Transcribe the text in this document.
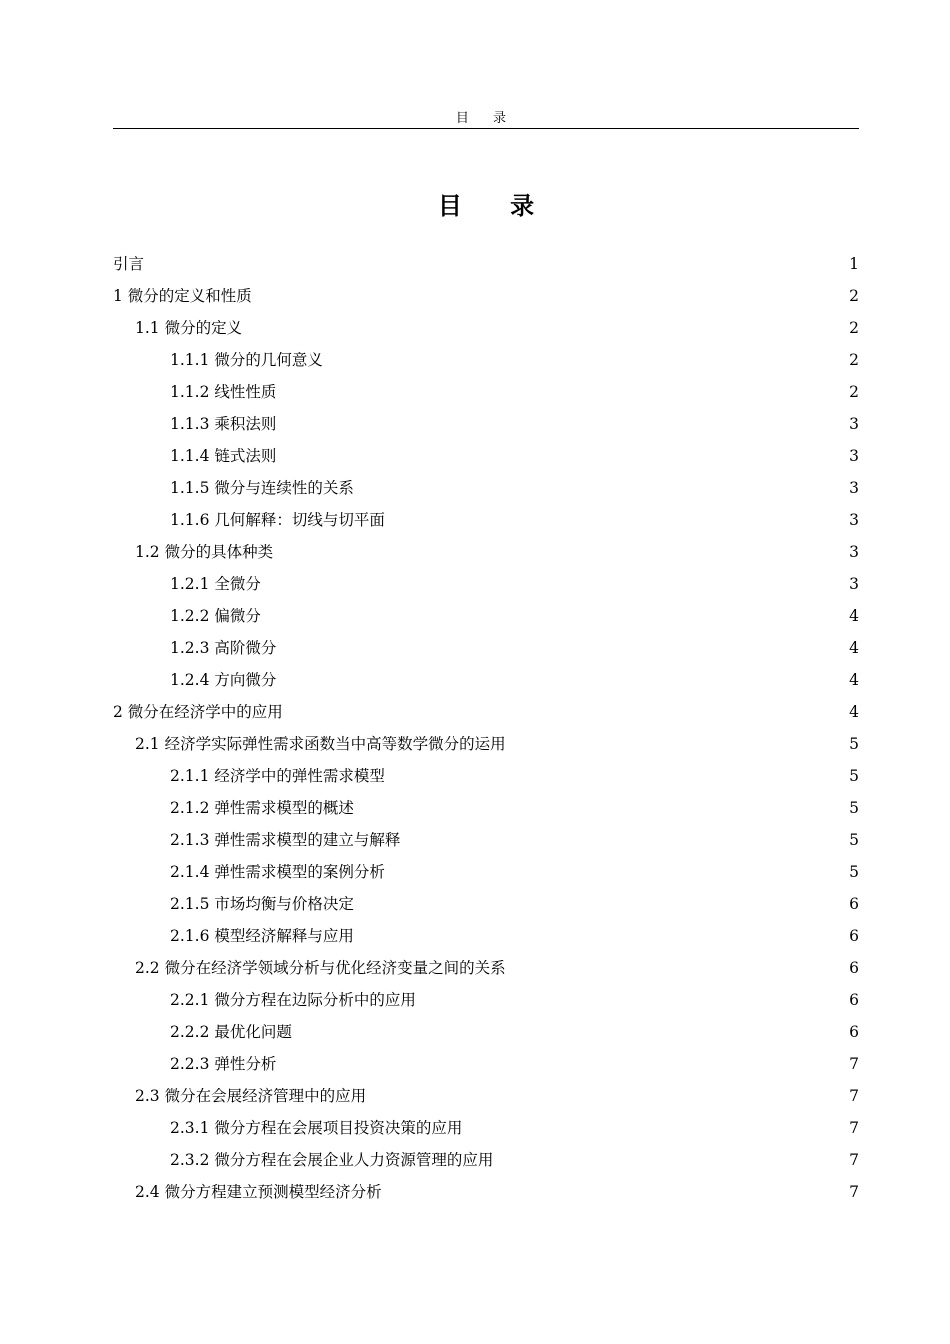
目 录
目 录
引言 .....	1
1 微分的定义和性质 .....	2
1.1 微分的定义 .....	2
1.1.1 微分的几何意义 .....	2
1.1.2 线性性质 .....	2
1.1.3 乘积法则 .....	3
1.1.4 链式法则 .....	3
1.1.5 微分与连续性的关系 .....	3
1.1.6 几何解释：切线与切平面 .....	3
1.2 微分的具体种类 .....	3
1.2.1 全微分 .....	3
1.2.2 偏微分 .....	4
1.2.3 高阶微分 .....	4
1.2.4 方向微分 .....	4
2 微分在经济学中的应用 .....	4
2.1 经济学实际弹性需求函数当中高等数学微分的运用 .....	5
2.1.1 经济学中的弹性需求模型 .....	5
2.1.2 弹性需求模型的概述 .....	5
2.1.3 弹性需求模型的建立与解释 .....	5
2.1.4 弹性需求模型的案例分析 .....	5
2.1.5 市场均衡与价格决定 .....	6
2.1.6 模型经济解释与应用 .....	6
2.2 微分在经济学领域分析与优化经济变量之间的关系 .....	6
2.2.1 微分方程在边际分析中的应用 .....	6
2.2.2 最优化问题 .....	6
2.2.3 弹性分析 .....	7
2.3 微分在会展经济管理中的应用 .....	7
2.3.1 微分方程在会展项目投资决策的应用 .....	7
2.3.2 微分方程在会展企业人力资源管理的应用 .....	7
2.4 微分方程建立预测模型经济分析 .....	7
